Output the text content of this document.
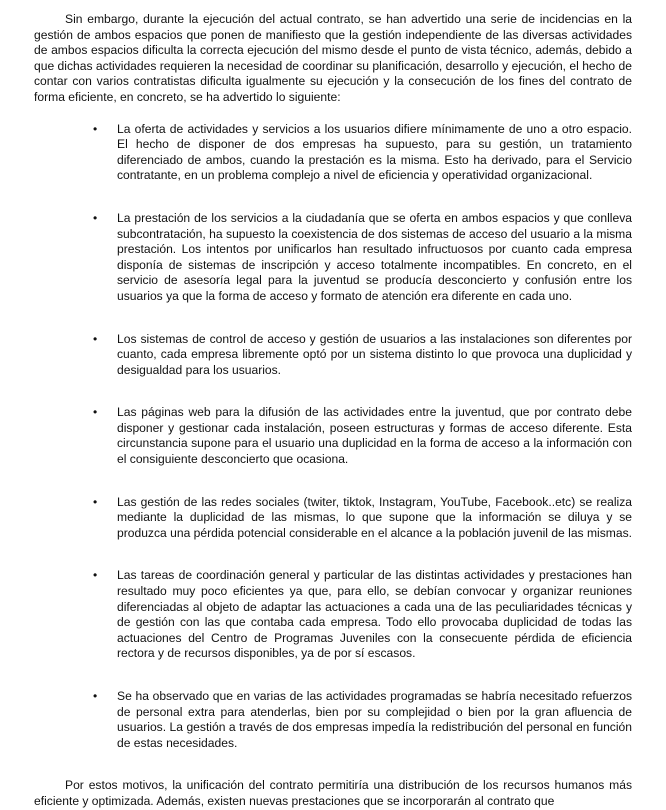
Sin embargo, durante la ejecución del actual contrato, se han advertido una serie de incidencias en la gestión de ambos espacios que ponen de manifiesto que la gestión independiente de las diversas actividades de ambos espacios dificulta la correcta ejecución del mismo desde el punto de vista técnico, además, debido a que dichas actividades requieren la necesidad de coordinar su planificación, desarrollo y ejecución, el hecho de contar con varios contratistas dificulta igualmente su ejecución y la consecución de los fines del contrato de forma eficiente, en concreto, se ha advertido lo siguiente:

• La oferta de actividades y servicios a los usuarios difiere mínimamente de uno a otro espacio. El hecho de disponer de dos empresas ha supuesto, para su gestión, un tratamiento diferenciado de ambos, cuando la prestación es la misma. Esto ha derivado, para el Servicio contratante, en un problema complejo a nivel de eficiencia y operatividad organizacional.
• La prestación de los servicios a la ciudadanía que se oferta en ambos espacios y que conlleva subcontratación, ha supuesto la coexistencia de dos sistemas de acceso del usuario a la misma prestación. Los intentos por unificarlos han resultado infructuosos por cuanto cada empresa disponía de sistemas de inscripción y acceso totalmente incompatibles. En concreto, en el servicio de asesoría legal para la juventud se producía desconcierto y confusión entre los usuarios ya que la forma de acceso y formato de atención era diferente en cada uno.
• Los sistemas de control de acceso y gestión de usuarios a las instalaciones son diferentes por cuanto, cada empresa libremente optó por un sistema distinto lo que provoca una duplicidad y desigualdad para los usuarios.
• Las páginas web para la difusión de las actividades entre la juventud, que por contrato debe disponer y gestionar cada instalación, poseen estructuras y formas de acceso diferente. Esta circunstancia supone para el usuario una duplicidad en la forma de acceso a la información con el consiguiente desconcierto que ocasiona.
• Las gestión de las redes sociales (twiter, tiktok, Instagram, YouTube, Facebook..etc) se realiza mediante la duplicidad de las mismas, lo que supone que la información se diluya y se produzca una pérdida potencial considerable en el alcance a la población juvenil de las mismas.
• Las tareas de coordinación general y particular de las distintas actividades y prestaciones han resultado muy poco eficientes ya que, para ello, se debían convocar y organizar reuniones diferenciadas al objeto de adaptar las actuaciones a cada una de las peculiaridades técnicas y de gestión con las que contaba cada empresa. Todo ello provocaba duplicidad de todas las actuaciones del Centro de Programas Juveniles con la consecuente pérdida de eficiencia rectora y de recursos disponibles, ya de por sí escasos.
• Se ha observado que en varias de las actividades programadas se habría necesitado refuerzos de personal extra para atenderlas, bien por su complejidad o bien por la gran afluencia de usuarios. La gestión a través de dos empresas impedía la redistribución del personal en función de estas necesidades.

Por estos motivos, la unificación del contrato permitiría una distribución de los recursos humanos más eficiente y optimizada. Además, existen nuevas prestaciones que se incorporarán al contrato que
